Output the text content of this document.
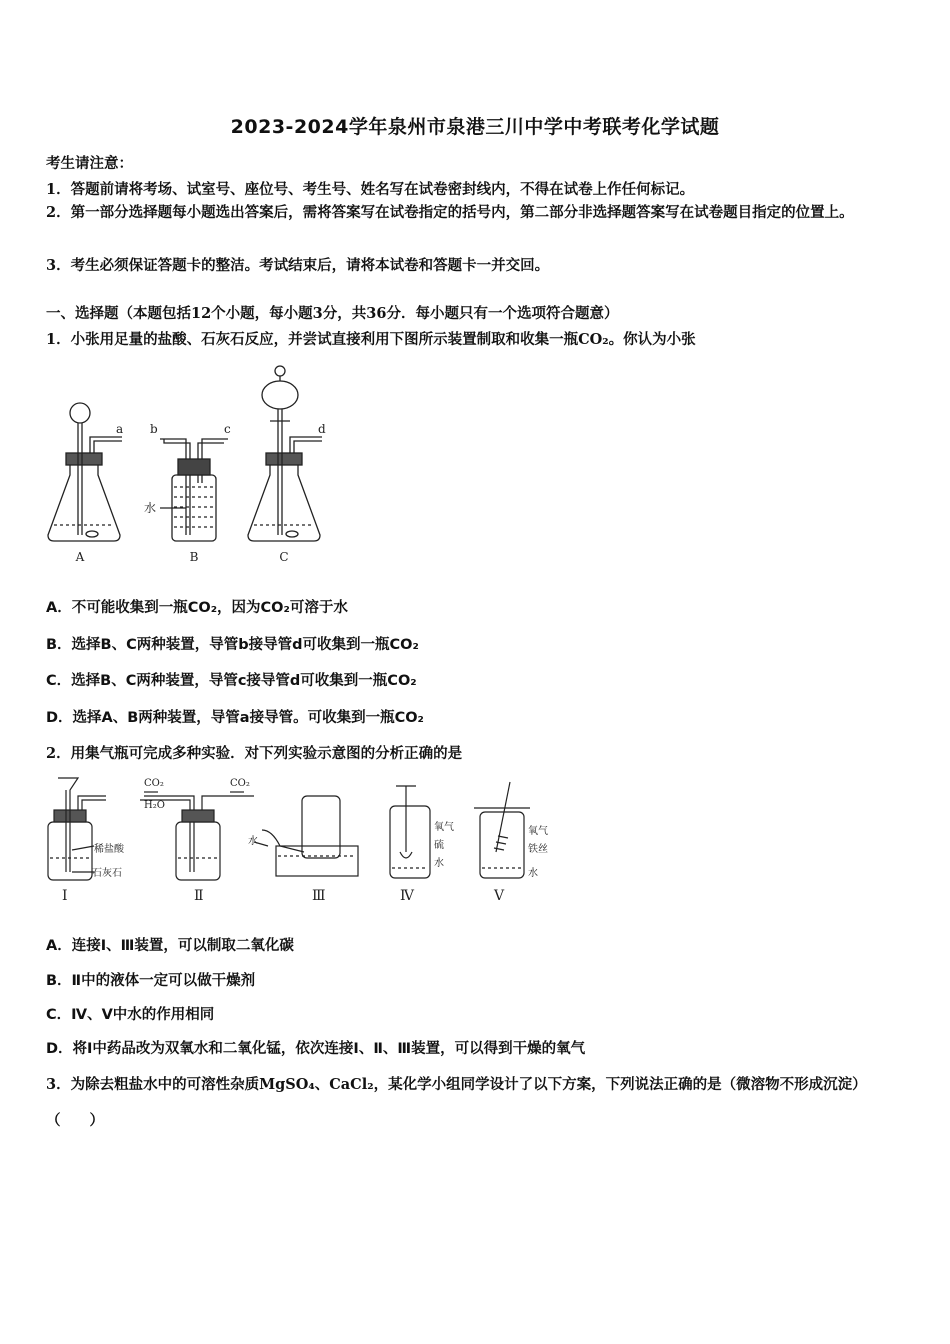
2023-2024学年泉州市泉港三川中学中考联考化学试题
考生请注意：
1．答题前请将考场、试室号、座位号、考生号、姓名写在试卷密封线内，不得在试卷上作任何标记。
2．第一部分选择题每小题选出答案后，需将答案写在试卷指定的括号内，第二部分非选择题答案写在试卷题目指定的位置上。
3．考生必须保证答题卡的整洁。考试结束后，请将本试卷和答题卡一并交回。
一、选择题（本题包括12个小题，每小题3分，共36分．每小题只有一个选项符合题意）
1．小张用足量的盐酸、石灰石反应，并尝试直接利用下图所示装置制取和收集一瓶CO₂。你认为小张
A	B	C
a b	c	d
水
A．不可能收集到一瓶CO₂，因为CO₂可溶于水
B．选择B、C两种装置，导管b接导管d可收集到一瓶CO₂
C．选择B、C两种装置，导管c接导管d可收集到一瓶CO₂
D．选择A、B两种装置，导管a接导管。可收集到一瓶CO₂
2．用集气瓶可完成多种实验．对下列实验示意图的分析正确的是
稀盐酸
石灰石
CO₂
H₂O
CO₂
水
氧气
硫
水
氧气
铁丝
水
Ⅰ	Ⅱ	Ⅲ	Ⅳ	Ⅴ
A．连接Ⅰ、Ⅲ装置，可以制取二氧化碳
B．Ⅱ中的液体一定可以做干燥剂
C．Ⅳ、Ⅴ中水的作用相同
D．将Ⅰ中药品改为双氧水和二氧化锰，依次连接Ⅰ、Ⅱ、Ⅲ装置，可以得到干燥的氧气
3．为除去粗盐水中的可溶性杂质MgSO₄、CaCl₂，某化学小组同学设计了以下方案，下列说法正确的是（微溶物不形成沉淀）（　　）
